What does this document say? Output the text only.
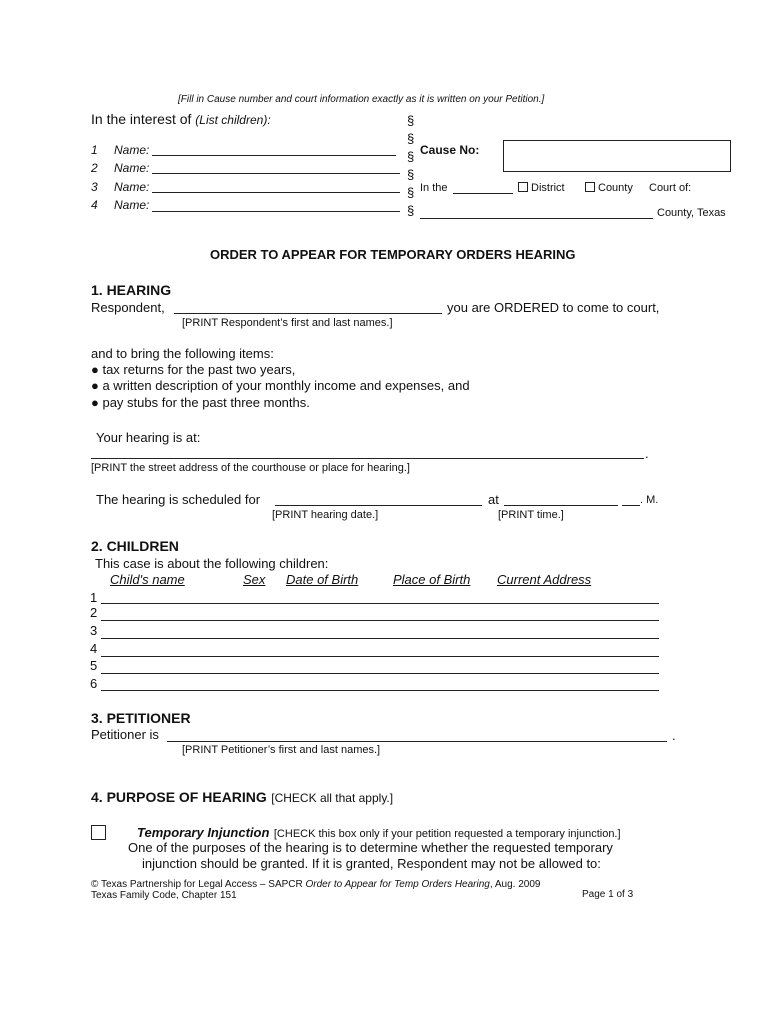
[Fill in Cause number and court information exactly as it is written on your Petition.]
In the interest of (List children):	§
§
§
§
§
§
1 Name:
2 Name:
3 Name:
4 Name:
Cause No:
In the	District	County Court of:
County, Texas
ORDER TO APPEAR FOR TEMPORARY ORDERS HEARING
1. HEARING
Respondent,	you are ORDERED to come to court,
[PRINT Respondent’s first and last names.]
and to bring the following items:
● tax returns for the past two years,
● a written description of your monthly income and expenses, and
● pay stubs for the past three months.
Your hearing is at:
.
[PRINT the street address of the courthouse or place for hearing.]
The hearing is scheduled for	at	. M.
[PRINT hearing date.]	[PRINT time.]
2. CHILDREN
This case is about the following children:
Child's name	Sex Date of Birth	Place of Birth Current Address
1
2
3
4
5
6
3. PETITIONER
Petitioner is	.
[PRINT Petitioner’s first and last names.]
4. PURPOSE OF HEARING [CHECK all that apply.]
Temporary Injunction [CHECK this box only if your petition requested a temporary injunction.]
One of the purposes of the hearing is to determine whether the requested temporary
injunction should be granted. If it is granted, Respondent may not be allowed to:
© Texas Partnership for Legal Access – SAPCR Order to Appear for Temp Orders Hearing, Aug. 2009
Texas Family Code, Chapter 151	Page 1 of 3
